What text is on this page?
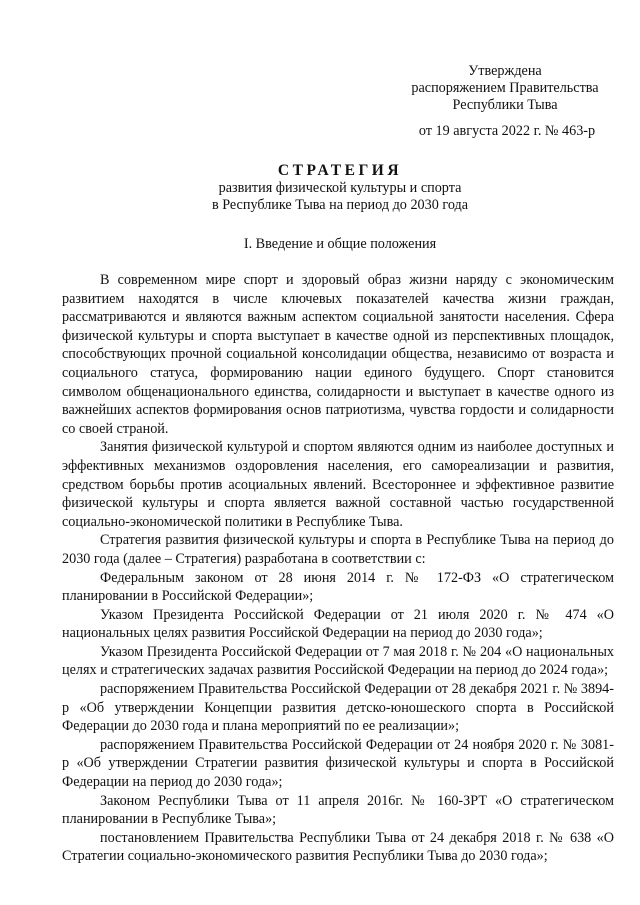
Утверждена
распоряжением Правительства
Республики Тыва
от 19 августа 2022 г. № 463-р
СТРАТЕГИЯ
развития физической культуры и спорта
в Республике Тыва на период до 2030 года
I. Введение и общие положения

В современном мире спорт и здоровый образ жизни наряду с экономическим развитием находятся в числе ключевых показателей качества жизни граждан, рассматриваются и являются важным аспектом социальной занятости населения. Сфера физической культуры и спорта выступает в качестве одной из перспективных площадок, способствующих прочной социальной консолидации общества, независимо от возраста и социального статуса, формированию нации единого будущего. Спорт становится символом общенационального единства, солидарности и выступает в качестве одного из важнейших аспектов формирования основ патриотизма, чувства гордости и солидарности со своей страной.

Занятия физической культурой и спортом являются одним из наиболее доступных и эффективных механизмов оздоровления населения, его самореализации и развития, средством борьбы против асоциальных явлений. Всестороннее и эффективное развитие физической культуры и спорта является важной составной частью государственной социально-экономической политики в Республике Тыва.

Стратегия развития физической культуры и спорта в Республике Тыва на период до 2030 года (далее – Стратегия) разработана в соответствии с:

Федеральным законом от 28 июня 2014 г. № 172-ФЗ «О стратегическом планировании в Российской Федерации»;

Указом Президента Российской Федерации от 21 июля 2020 г. № 474 «О национальных целях развития Российской Федерации на период до 2030 года»;

Указом Президента Российской Федерации от 7 мая 2018 г. № 204 «О национальных целях и стратегических задачах развития Российской Федерации на период до 2024 года»;

распоряжением Правительства Российской Федерации от 28 декабря 2021 г. № 3894-р «Об утверждении Концепции развития детско-юношеского спорта в Российской Федерации до 2030 года и плана мероприятий по ее реализации»;

распоряжением Правительства Российской Федерации от 24 ноября 2020 г. № 3081-р «Об утверждении Стратегии развития физической культуры и спорта в Российской Федерации на период до 2030 года»;

Законом Республики Тыва от 11 апреля 2016г. № 160-ЗРТ «О стратегическом планировании в Республике Тыва»;

постановлением Правительства Республики Тыва от 24 декабря 2018 г. № 638 «О Стратегии социально-экономического развития Республики Тыва до 2030 года»;
